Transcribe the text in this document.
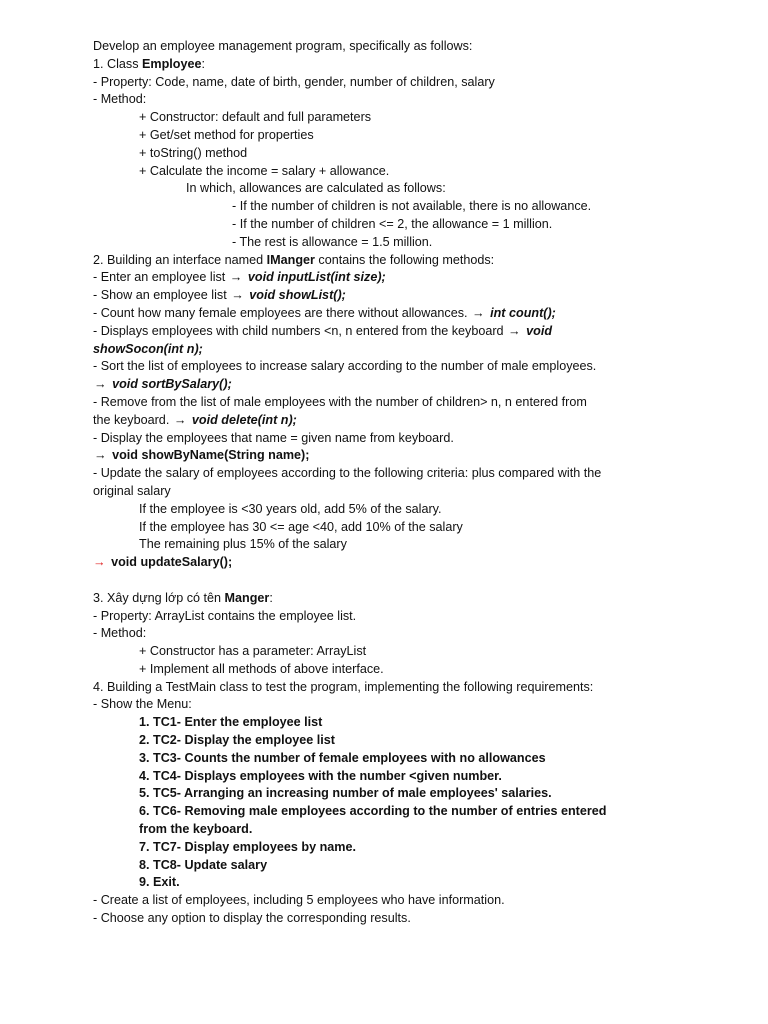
Develop an employee management program, specifically as follows:
1. Class Employee:
- Property: Code, name, date of birth, gender, number of children, salary
- Method:
+ Constructor: default and full parameters
+ Get/set method for properties
+ toString() method
+ Calculate the income = salary + allowance.
In which, allowances are calculated as follows:
- If the number of children is not available, there is no allowance.
- If the number of children <= 2, the allowance = 1 million.
- The rest is allowance = 1.5 million.
2. Building an interface named IManger contains the following methods:
- Enter an employee list → void inputList(int size);
- Show an employee list → void showList();
- Count how many female employees are there without allowances. → int count();
- Displays employees with child numbers <n, n entered from the keyboard → void
showSocon(int n);
- Sort the list of employees to increase salary according to the number of male employees.
→ void sortBySalary();
- Remove from the list of male employees with the number of children> n, n entered from
the keyboard. → void delete(int n);
- Display the employees that name = given name from keyboard.
→ void showByName(String name);
- Update the salary of employees according to the following criteria: plus compared with the
original salary
If the employee is <30 years old, add 5% of the salary.
If the employee has 30 <= age <40, add 10% of the salary
The remaining plus 15% of the salary
→ void updateSalary();
3. Xây dựng lớp có tên Manger:
- Property: ArrayList contains the employee list.
- Method:
+ Constructor has a parameter: ArrayList
+ Implement all methods of above interface.
4. Building a TestMain class to test the program, implementing the following requirements:
- Show the Menu:
1. TC1- Enter the employee list
2. TC2- Display the employee list
3. TC3- Counts the number of female employees with no allowances
4. TC4- Displays employees with the number <given number.
5. TC5- Arranging an increasing number of male employees' salaries.
6. TC6- Removing male employees according to the number of entries entered
from the keyboard.
7. TC7- Display employees by name.
8. TC8- Update salary
9. Exit.
- Create a list of employees, including 5 employees who have information.
- Choose any option to display the corresponding results.
